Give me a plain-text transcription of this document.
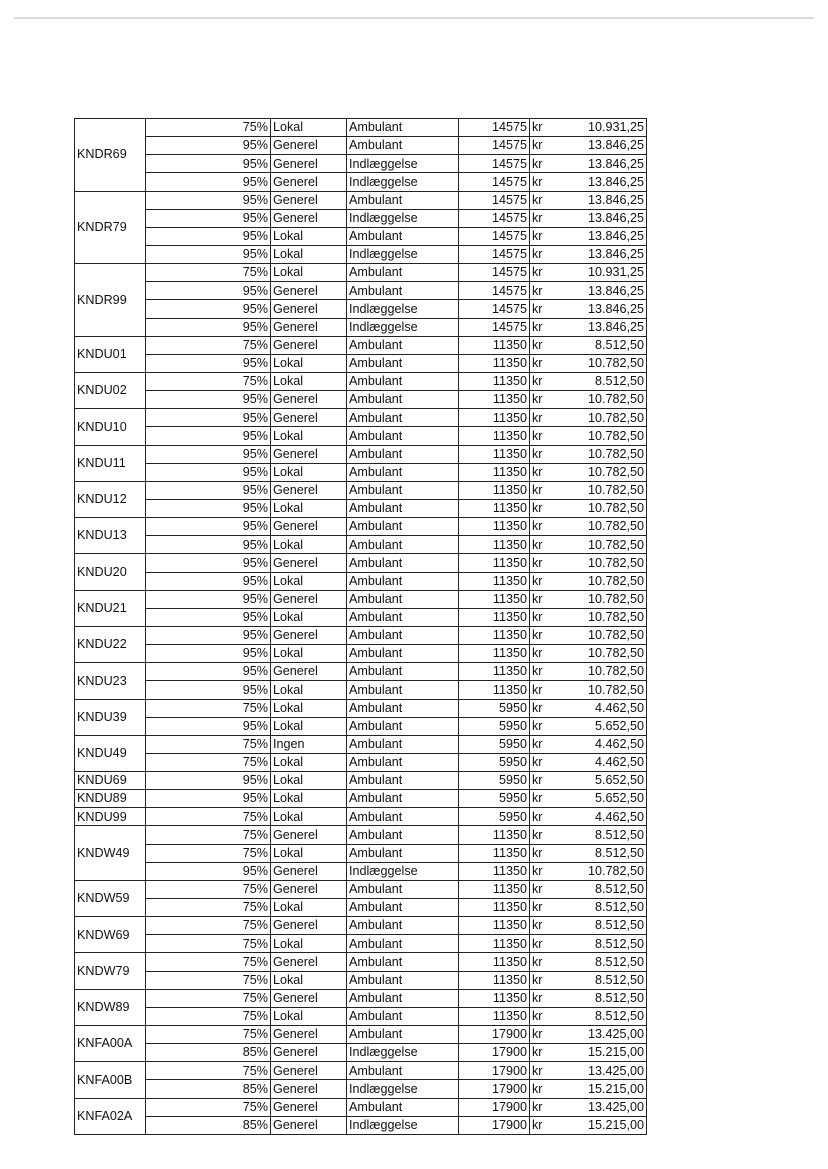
KNDR69	75%	Lokal	Ambulant	14575	kr	10.931,25
	95%	Generel	Ambulant	14575	kr	13.846,25
	95%	Generel	Indlæggelse	14575	kr	13.846,25
	95%	Generel	Indlæggelse	14575	kr	13.846,25
KNDR79	95%	Generel	Ambulant	14575	kr	13.846,25
	95%	Generel	Indlæggelse	14575	kr	13.846,25
	95%	Lokal	Ambulant	14575	kr	13.846,25
	95%	Lokal	Indlæggelse	14575	kr	13.846,25
KNDR99	75%	Lokal	Ambulant	14575	kr	10.931,25
	95%	Generel	Ambulant	14575	kr	13.846,25
	95%	Generel	Indlæggelse	14575	kr	13.846,25
	95%	Generel	Indlæggelse	14575	kr	13.846,25
KNDU01	75%	Generel	Ambulant	11350	kr	8.512,50
	95%	Lokal	Ambulant	11350	kr	10.782,50
KNDU02	75%	Lokal	Ambulant	11350	kr	8.512,50
	95%	Generel	Ambulant	11350	kr	10.782,50
KNDU10	95%	Generel	Ambulant	11350	kr	10.782,50
	95%	Lokal	Ambulant	11350	kr	10.782,50
KNDU11	95%	Generel	Ambulant	11350	kr	10.782,50
	95%	Lokal	Ambulant	11350	kr	10.782,50
KNDU12	95%	Generel	Ambulant	11350	kr	10.782,50
	95%	Lokal	Ambulant	11350	kr	10.782,50
KNDU13	95%	Generel	Ambulant	11350	kr	10.782,50
	95%	Lokal	Ambulant	11350	kr	10.782,50
KNDU20	95%	Generel	Ambulant	11350	kr	10.782,50
	95%	Lokal	Ambulant	11350	kr	10.782,50
KNDU21	95%	Generel	Ambulant	11350	kr	10.782,50
	95%	Lokal	Ambulant	11350	kr	10.782,50
KNDU22	95%	Generel	Ambulant	11350	kr	10.782,50
	95%	Lokal	Ambulant	11350	kr	10.782,50
KNDU23	95%	Generel	Ambulant	11350	kr	10.782,50
	95%	Lokal	Ambulant	11350	kr	10.782,50
KNDU39	75%	Lokal	Ambulant	5950	kr	4.462,50
	95%	Lokal	Ambulant	5950	kr	5.652,50
KNDU49	75%	Ingen	Ambulant	5950	kr	4.462,50
	75%	Lokal	Ambulant	5950	kr	4.462,50
KNDU69	95%	Lokal	Ambulant	5950	kr	5.652,50
KNDU89	95%	Lokal	Ambulant	5950	kr	5.652,50
KNDU99	75%	Lokal	Ambulant	5950	kr	4.462,50
KNDW49	75%	Generel	Ambulant	11350	kr	8.512,50
	75%	Lokal	Ambulant	11350	kr	8.512,50
	95%	Generel	Indlæggelse	11350	kr	10.782,50
KNDW59	75%	Generel	Ambulant	11350	kr	8.512,50
	75%	Lokal	Ambulant	11350	kr	8.512,50
KNDW69	75%	Generel	Ambulant	11350	kr	8.512,50
	75%	Lokal	Ambulant	11350	kr	8.512,50
KNDW79	75%	Generel	Ambulant	11350	kr	8.512,50
	75%	Lokal	Ambulant	11350	kr	8.512,50
KNDW89	75%	Generel	Ambulant	11350	kr	8.512,50
	75%	Lokal	Ambulant	11350	kr	8.512,50
KNFA00A	75%	Generel	Ambulant	17900	kr	13.425,00
	85%	Generel	Indlæggelse	17900	kr	15.215,00
KNFA00B	75%	Generel	Ambulant	17900	kr	13.425,00
	85%	Generel	Indlæggelse	17900	kr	15.215,00
KNFA02A	75%	Generel	Ambulant	17900	kr	13.425,00
	85%	Generel	Indlæggelse	17900	kr	15.215,00
